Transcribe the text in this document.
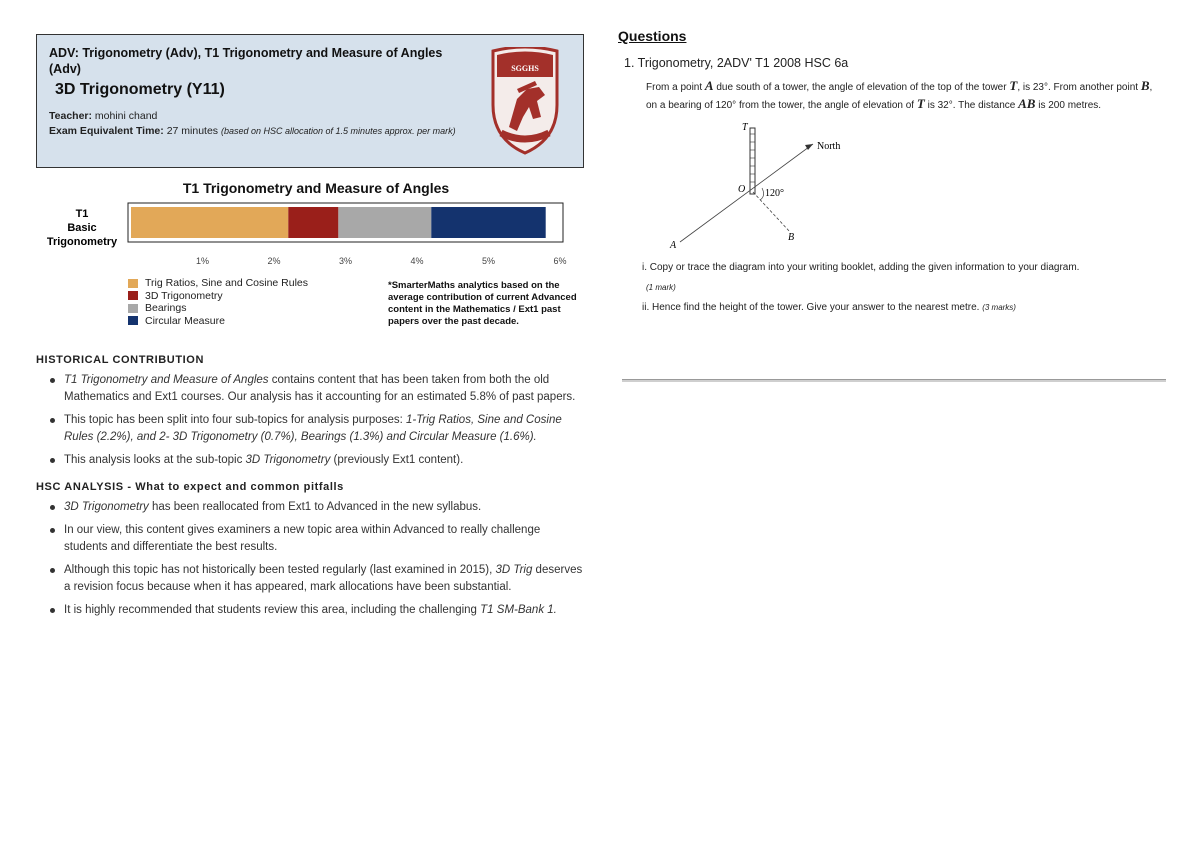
ADV: Trigonometry (Adv), T1 Trigonometry and Measure of Angles (Adv)
3D Trigonometry (Y11)
Teacher: mohini chand
Exam Equivalent Time: 27 minutes (based on HSC allocation of 1.5 minutes approx. per mark)
SGGHS
T1 Trigonometry and Measure of Angles
T1
Basic
Trigonometry
1%	2%	3%	4%	5%	6%
Trig Ratios, Sine and Cosine Rules
3D Trigonometry
Bearings
Circular Measure
*SmarterMaths analytics based on the average contribution of current Advanced content in the Mathematics / Ext1 past papers over the past decade.
HISTORICAL CONTRIBUTION
T1 Trigonometry and Measure of Angles contains content that has been taken from both the old Mathematics and Ext1 courses. Our analysis has it accounting for an estimated 5.8% of past papers.
This topic has been split into four sub-topics for analysis purposes: 1-Trig Ratios, Sine and Cosine Rules (2.2%), and 2- 3D Trigonometry (0.7%), Bearings (1.3%) and Circular Measure (1.6%).
This analysis looks at the sub-topic 3D Trigonometry (previously Ext1 content).
HSC ANALYSIS - What to expect and common pitfalls
3D Trigonometry has been reallocated from Ext1 to Advanced in the new syllabus.
In our view, this content gives examiners a new topic area within Advanced to really challenge students and differentiate the best results.
Although this topic has not historically been tested regularly (last examined in 2015), 3D Trig deserves a revision focus because when it has appeared, mark allocations have been substantial.
It is highly recommended that students review this area, including the challenging T1 SM-Bank 1.
Questions
1. Trigonometry, 2ADV' T1 2008 HSC 6a
From a point A due south of a tower, the angle of elevation of the top of the tower T, is 23°. From another point B, on a bearing of 120° from the tower, the angle of elevation of T is 32°. The distance AB is 200 metres.
T
O
North
120°
A
B
i. Copy or trace the diagram into your writing booklet, adding the given information to your diagram.
(1 mark)
ii. Hence find the height of the tower. Give your answer to the nearest metre. (3 marks)
